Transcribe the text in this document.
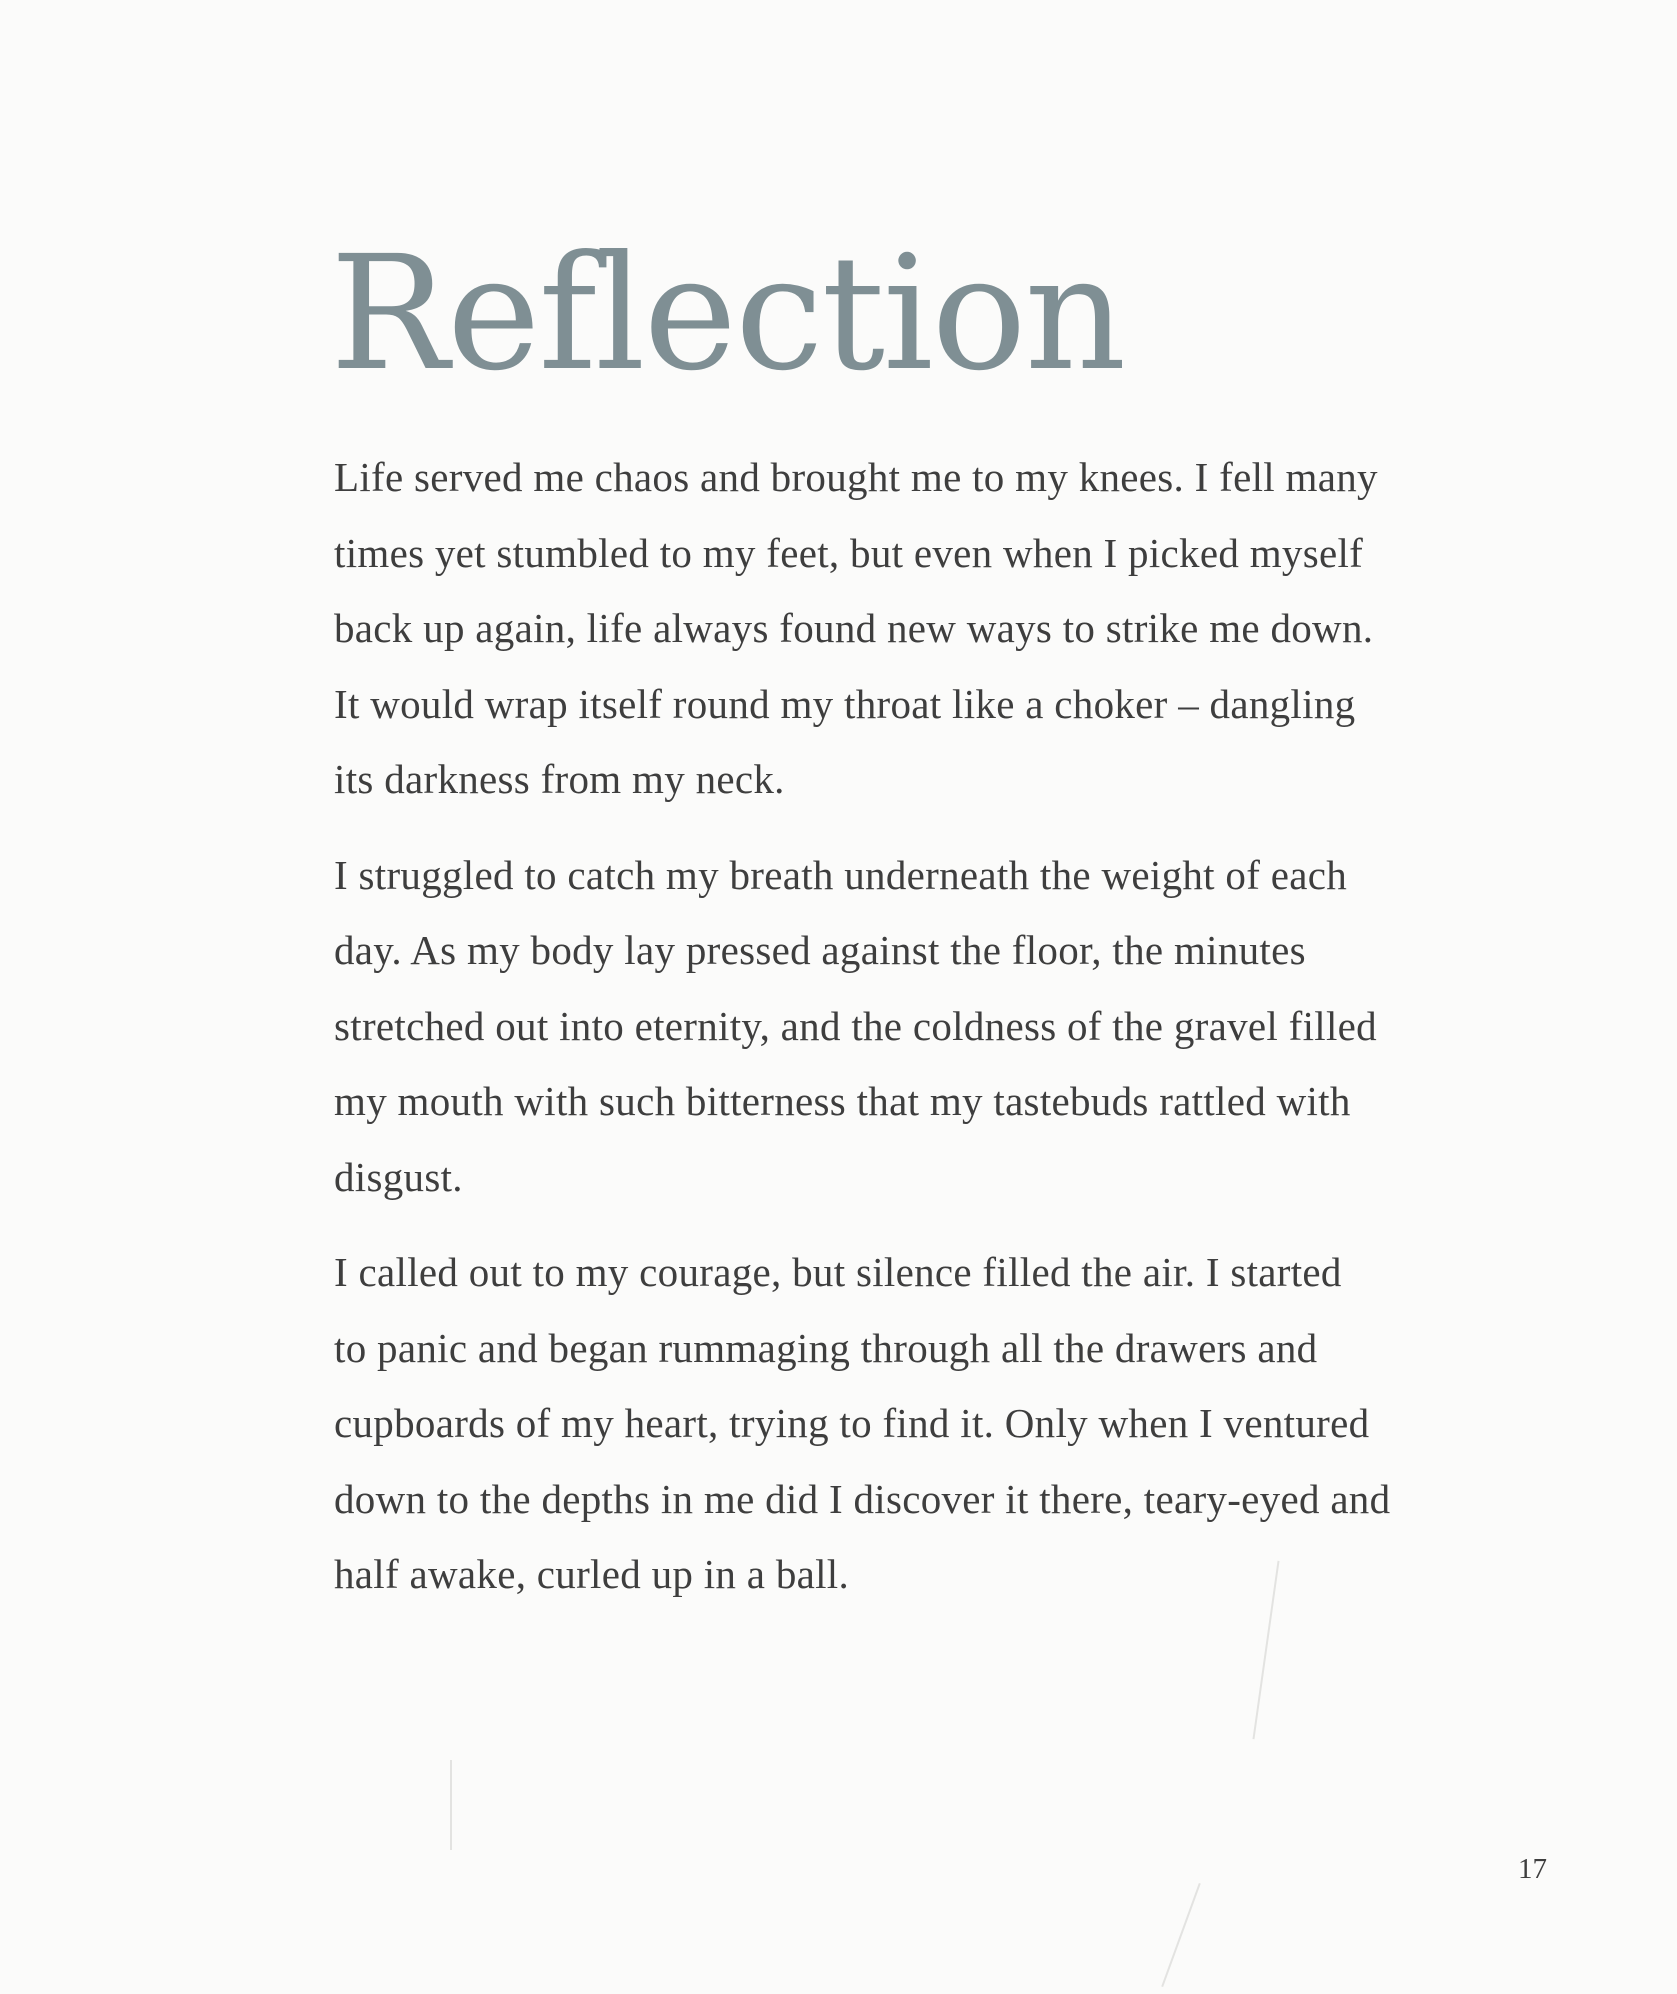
Reflection

Life served me chaos and brought me to my knees. I fell many
times yet stumbled to my feet, but even when I picked myself
back up again, life always found new ways to strike me down.
It would wrap itself round my throat like a choker – dangling
its darkness from my neck.

I struggled to catch my breath underneath the weight of each
day. As my body lay pressed against the floor, the minutes
stretched out into eternity, and the coldness of the gravel filled
my mouth with such bitterness that my tastebuds rattled with
disgust.

I called out to my courage, but silence filled the air. I started
to panic and began rummaging through all the drawers and
cupboards of my heart, trying to find it. Only when I ventured
down to the depths in me did I discover it there, teary-eyed and
half awake, curled up in a ball.

17
